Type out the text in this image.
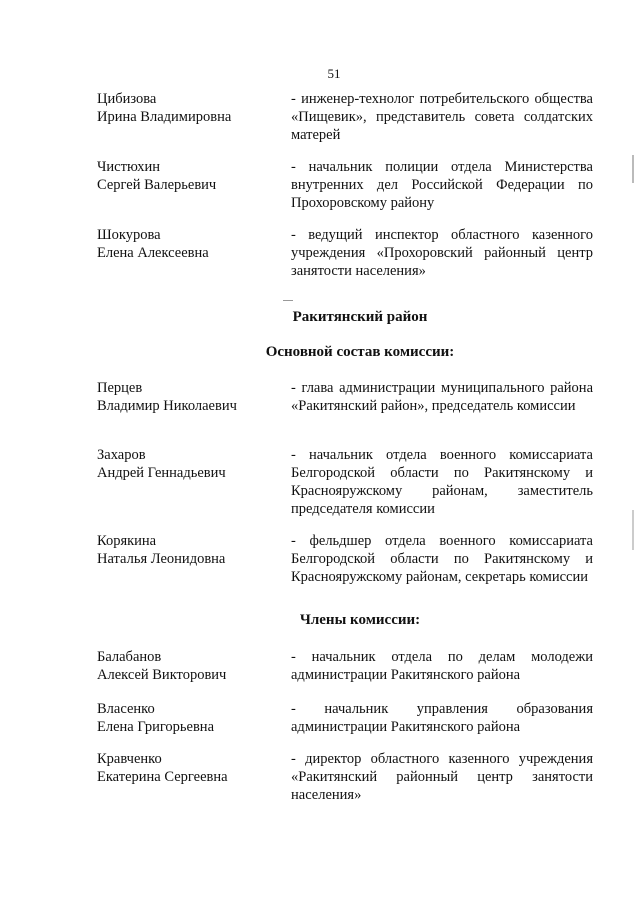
51
Цибизова
Ирина Владимировна
- инженер-технолог потребительского общества «Пищевик», представитель совета солдатских матерей
Чистюхин
Сергей Валерьевич
- начальник полиции отдела Министерства внутренних дел Российской Федерации по Прохоровскому району
Шокурова
Елена Алексеевна
- ведущий инспектор областного казенного учреждения «Прохоровский районный центр занятости населения»
Ракитянский район
Основной состав комиссии:
Перцев
Владимир Николаевич
- глава администрации муниципального района «Ракитянский район», председатель комиссии
Захаров
Андрей Геннадьевич
- начальник отдела военного комиссариата Белгородской области по Ракитянскому и Краснояружскому районам, заместитель председателя комиссии
Корякина
Наталья Леонидовна
- фельдшер отдела военного комиссариата Белгородской области по Ракитянскому и Краснояружскому районам, секретарь комиссии
Члены комиссии:
Балабанов
Алексей Викторович
- начальник отдела по делам молодежи администрации Ракитянского района
Власенко
Елена Григорьевна
- начальник управления образования администрации Ракитянского района
Кравченко
Екатерина Сергеевна
- директор областного казенного учреждения «Ракитянский районный центр занятости населения»
